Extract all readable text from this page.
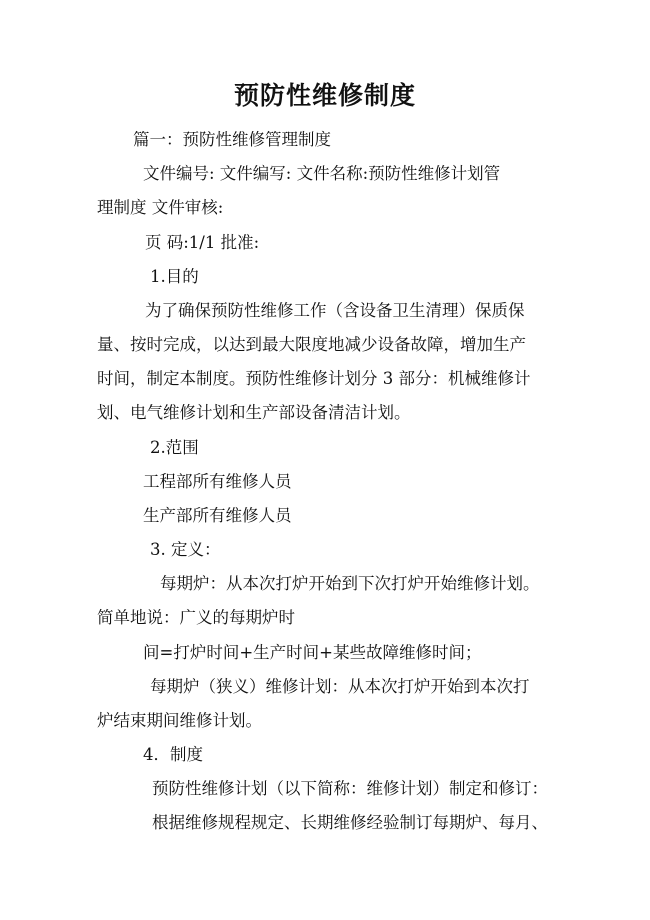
预防性维修制度
篇一：预防性维修管理制度
文件编号: 文件编写: 文件名称:预防性维修计划管
理制度 文件审核:
页 码:1/1 批准:
1.目的
为了确保预防性维修工作（含设备卫生清理）保质保
量、按时完成，以达到最大限度地减少设备故障，增加生产
时间，制定本制度。预防性维修计划分 3 部分：机械维修计
划、电气维修计划和生产部设备清洁计划。
2.范围
工程部所有维修人员
生产部所有维修人员
3. 定义：
每期炉：从本次打炉开始到下次打炉开始维修计划。
简单地说：广义的每期炉时
间=打炉时间+生产时间+某些故障维修时间；
每期炉（狭义）维修计划：从本次打炉开始到本次打
炉结束期间维修计划。
4．制度
预防性维修计划（以下简称：维修计划）制定和修订：
根据维修规程规定、长期维修经验制订每期炉、每月、
